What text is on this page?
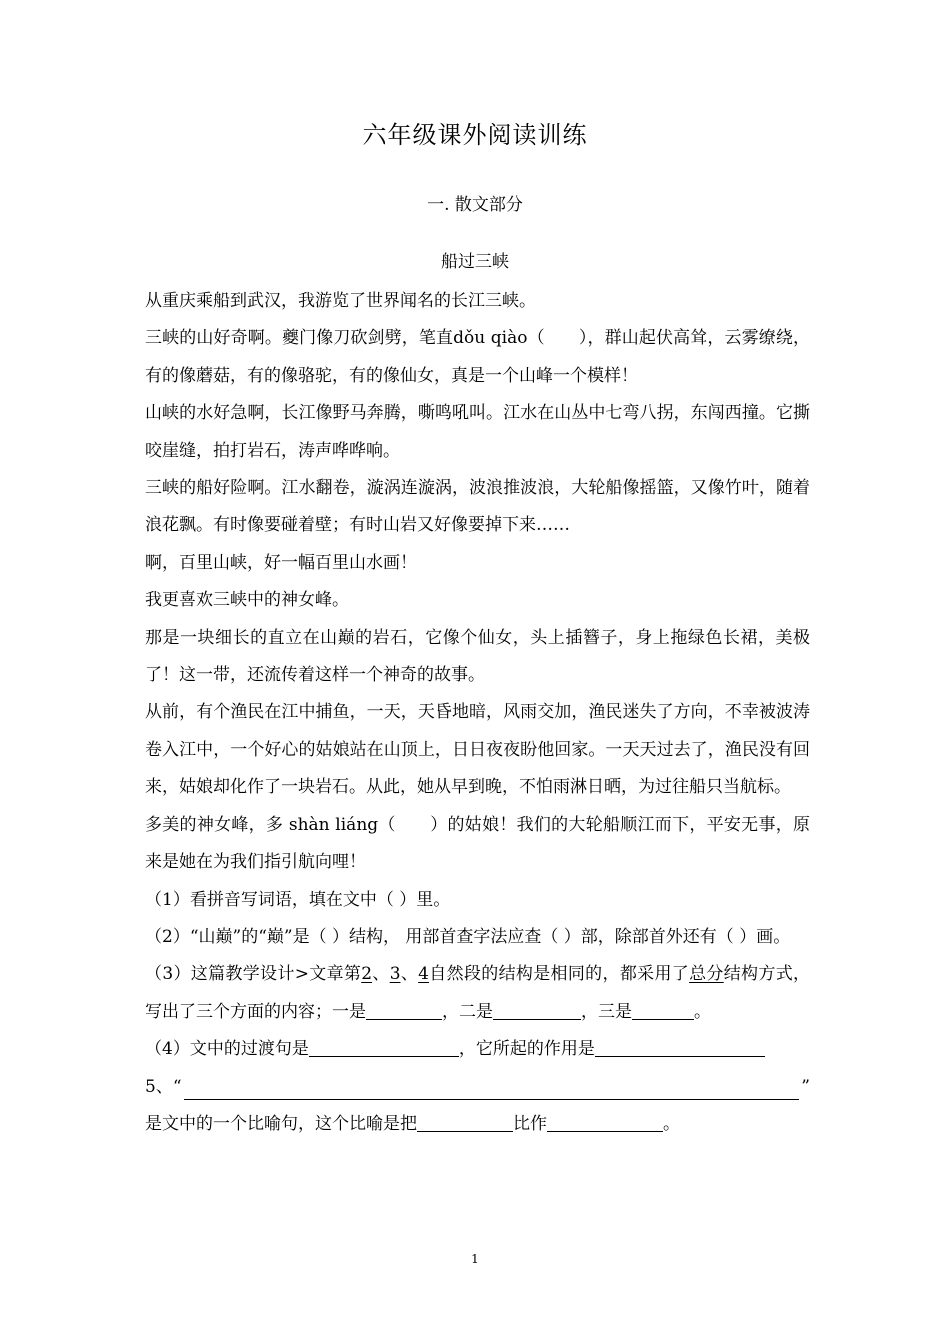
六年级课外阅读训练
一. 散文部分
船过三峡

从重庆乘船到武汉，我游览了世界闻名的长江三峡。

三峡的山好奇啊。夔门像刀砍剑劈，笔直dǒu qiào（　　），群山起伏高耸，云雾缭绕，有的像蘑菇，有的像骆驼，有的像仙女，真是一个山峰一个模样！

山峡的水好急啊，长江像野马奔腾，嘶鸣吼叫。江水在山丛中七弯八拐，东闯西撞。它撕咬崖缝，拍打岩石，涛声哗哗响。

三峡的船好险啊。江水翻卷，漩涡连漩涡，波浪推波浪，大轮船像摇篮，又像竹叶，随着浪花飘。有时像要碰着壁；有时山岩又好像要掉下来……

啊，百里山峡，好一幅百里山水画！

我更喜欢三峡中的神女峰。

那是一块细长的直立在山巅的岩石，它像个仙女，头上插簪子，身上拖绿色长裙，美极了！这一带，还流传着这样一个神奇的故事。

从前，有个渔民在江中捕鱼，一天，天昏地暗，风雨交加，渔民迷失了方向，不幸被波涛卷入江中，一个好心的姑娘站在山顶上，日日夜夜盼他回家。一天天过去了，渔民没有回来，姑娘却化作了一块岩石。从此，她从早到晚，不怕雨淋日晒，为过往船只当航标。

多美的神女峰，多 shàn liáng（　　）的姑娘！我们的大轮船顺江而下，平安无事，原来是她在为我们指引航向哩！

（1）看拼音写词语，填在文中（ ）里。

（2）“山巅”的“巅”是（ ）结构， 用部首查字法应查（ ）部，除部首外还有（ ）画。

（3）这篇教学设计>文章第2、3、4自然段的结构是相同的，都采用了总分结构方式，写出了三个方面的内容；一是	，二是	，三是	。

（4）文中的过渡句是	，它所起的作用是

5、“	”

是文中的一个比喻句，这个比喻是把	比作	。

1
